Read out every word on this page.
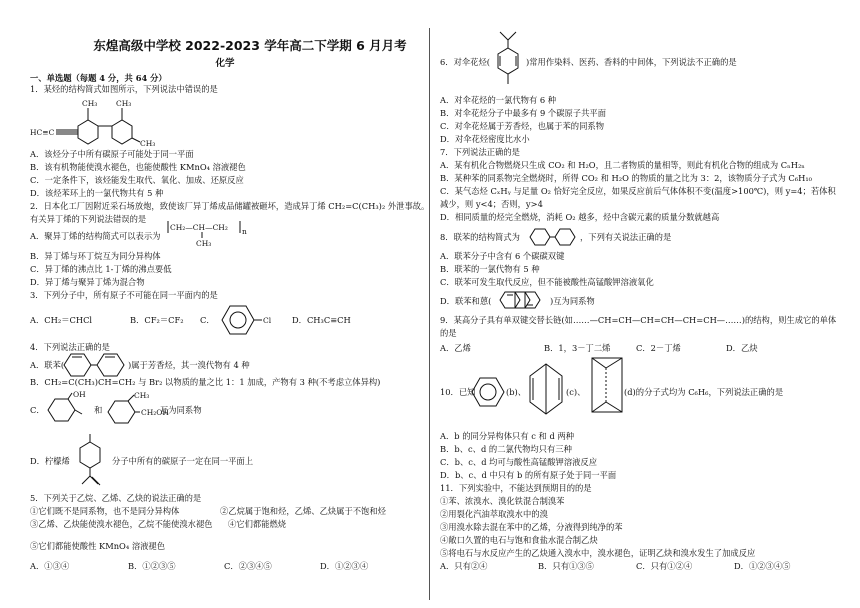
东煌高级中学校 2022-2023 学年高二下学期 6 月月考
化学
一、单选题（每题 4 分，共 64 分）
1．某烃的结构简式如图所示，下列说法中错误的是
CH₃ CH₃
CH₃
HC≡C
A．该烃分子中所有碳原子可能处于同一平面
B．该有机物能使溴水褪色，也能使酸性 KMnO₄ 溶液褪色
C．一定条件下，该烃能发生取代、氧化、加成、还原反应
D．该烃苯环上的一氯代物共有 5 种
2．日本化工厂因附近采石场放炮，致使该厂异丁烯成品储罐被砸坏，造成异丁烯 CH₂=C(CH₃)₂ 外泄事故。
有关异丁烯的下列说法错误的是
A．聚异丁烯的结构简式可以表示为
CH₂—CH—CH₂ n
CH₃
B．异丁烯与环丁烷互为同分异构体
C．异丁烯的沸点比 1-丁烯的沸点要低
D．异丁烯与聚异丁烯为混合物
3．下列分子中，所有原子不可能在同一平面内的是
A．CH₂＝CHCl	B．CF₂＝CF₂ C．	Cl	D．CH₃C≡CH
4．下列说法正确的是
A．联苯(	)属于芳香烃，其一溴代物有 4 种
B．CH₂=C(CH₃)CH=CH₂ 与 Br₂ 以物质的量之比 1：1 加成，产物有 3 种(不考虑立体异构)
C．
OH
和
CH₃
CH₂OH
互为同系物
D．柠檬烯	分子中所有的碳原子一定在同一平面上
5．下列关于乙烷、乙烯、乙炔的说法正确的是
①它们既不是同系物，也不是同分异构体	②乙烷属于饱和烃，乙烯、乙炔属于不饱和烃
③乙烯、乙炔能使溴水褪色，乙烷不能使溴水褪色 ④它们都能燃烧
⑤它们都能使酸性 KMnO₄ 溶液褪色
A．①③④	B．①②③⑤	C．②③④⑤	D．①②③④
6．对伞花烃(	)常用作染料、医药、香料的中间体，下列说法不正确的是
A．对伞花烃的一氯代物有 6 种
B．对伞花烃分子中最多有 9 个碳原子共平面
C．对伞花烃属于芳香烃，也属于苯的同系物
D．对伞花烃密度比水小
7．下列说法正确的是
A．某有机化合物燃烧只生成 CO₂ 和 H₂O，且二者物质的量相等，则此有机化合物的组成为 CₙH₂ₙ
B．某种苯的同系物完全燃烧时，所得 CO₂ 和 H₂O 的物质的量之比为 3：2，该物质分子式为 C₆H₁₀
C．某气态烃 CₓHᵧ 与足量 O₂ 恰好完全反应，如果反应前后气体体积不变(温度>100℃)，则 y=4；若体积
减少，则 y<4；否则，y>4
D．相同质量的烃完全燃烧，消耗 O₂ 越多，烃中含碳元素的质量分数就越高
8．联苯的结构简式为	，下列有关说法正确的是
A．联苯分子中含有 6 个碳碳双键
B．联苯的一氯代物有 5 种
C．联苯可发生取代反应，但不能被酸性高锰酸钾溶液氧化
D．联苯和蒽(	)互为同系物
9．某高分子具有单双键交替长链(如……—CH=CH—CH=CH—CH=CH—……)的结构，则生成它的单体
的是
A．乙烯	B．1，3－丁二烯	C．2－丁烯	D．乙炔
10．已知	(b)、	(c)、	(d)的分子式均为 C₆H₆，下列说法正确的是
A．b 的同分异构体只有 c 和 d 两种
B．b、c、d 的二氯代物均只有三种
C．b、c、d 均可与酸性高锰酸钾溶液反应
D．b、c、d 中只有 b 的所有原子处于同一平面
11．下列实验中，不能达到预期目的的是
①苯、浓溴水、溴化铁混合制溴苯
②用裂化汽油萃取溴水中的溴
③用溴水除去混在苯中的乙烯，分液得到纯净的苯
④敞口久置的电石与饱和食盐水混合制乙炔
⑤将电石与水反应产生的乙炔通入溴水中，溴水褪色，证明乙炔和溴水发生了加成反应
A．只有②④	B．只有①③⑤	C．只有①②④	D．①②③④⑤
